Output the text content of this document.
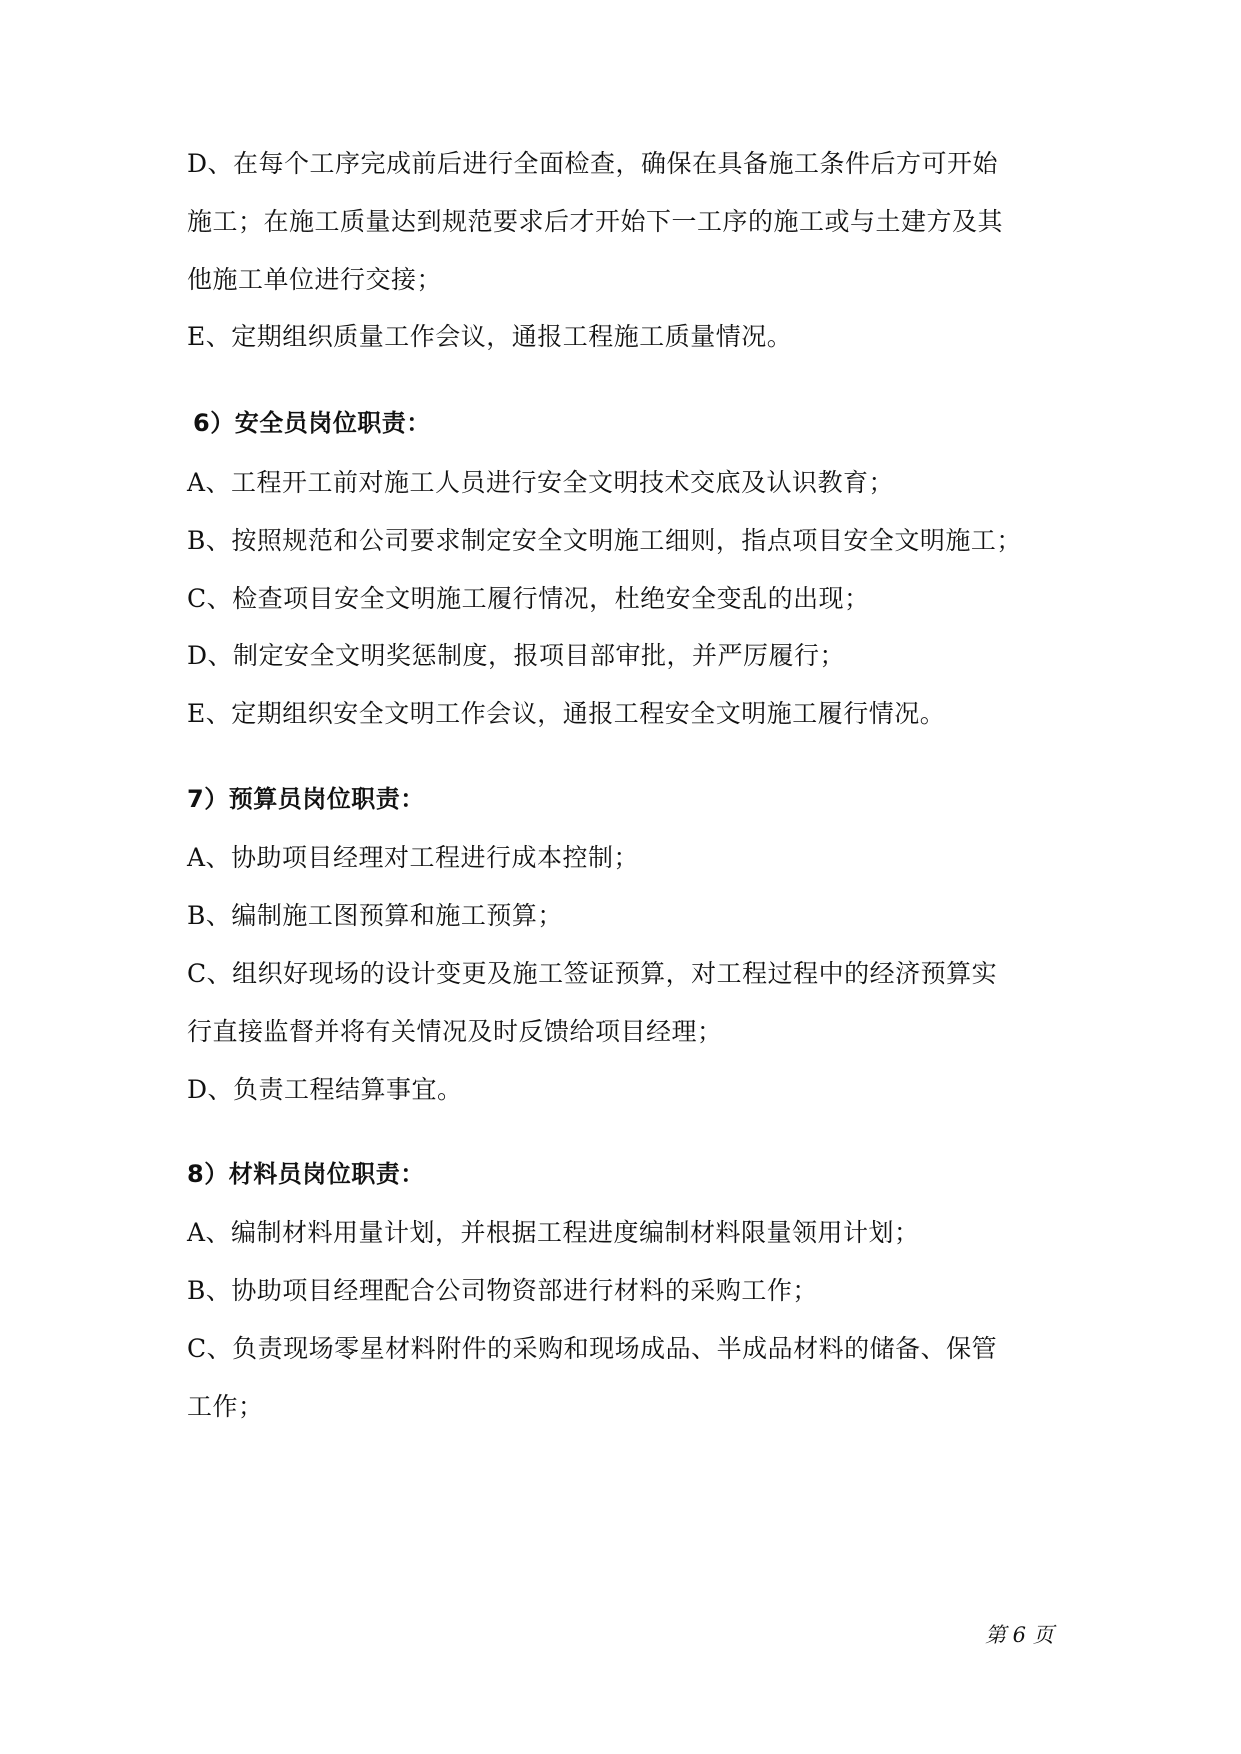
D、在每个工序完成前后进行全面检查，确保在具备施工条件后方可开始
施工；在施工质量达到规范要求后才开始下一工序的施工或与土建方及其
他施工单位进行交接；
E、定期组织质量工作会议，通报工程施工质量情况。
6）安全员岗位职责：
A、工程开工前对施工人员进行安全文明技术交底及认识教育；
B、按照规范和公司要求制定安全文明施工细则，指点项目安全文明施工；
C、检查项目安全文明施工履行情况，杜绝安全变乱的出现；
D、制定安全文明奖惩制度，报项目部审批，并严厉履行；
E、定期组织安全文明工作会议，通报工程安全文明施工履行情况。
7）预算员岗位职责：
A、协助项目经理对工程进行成本控制；
B、编制施工图预算和施工预算；
C、组织好现场的设计变更及施工签证预算，对工程过程中的经济预算实
行直接监督并将有关情况及时反馈给项目经理；
D、负责工程结算事宜。
8）材料员岗位职责：
A、编制材料用量计划，并根据工程进度编制材料限量领用计划；
B、协助项目经理配合公司物资部进行材料的采购工作；
C、负责现场零星材料附件的采购和现场成品、半成品材料的储备、保管
工作；
第 6 页
